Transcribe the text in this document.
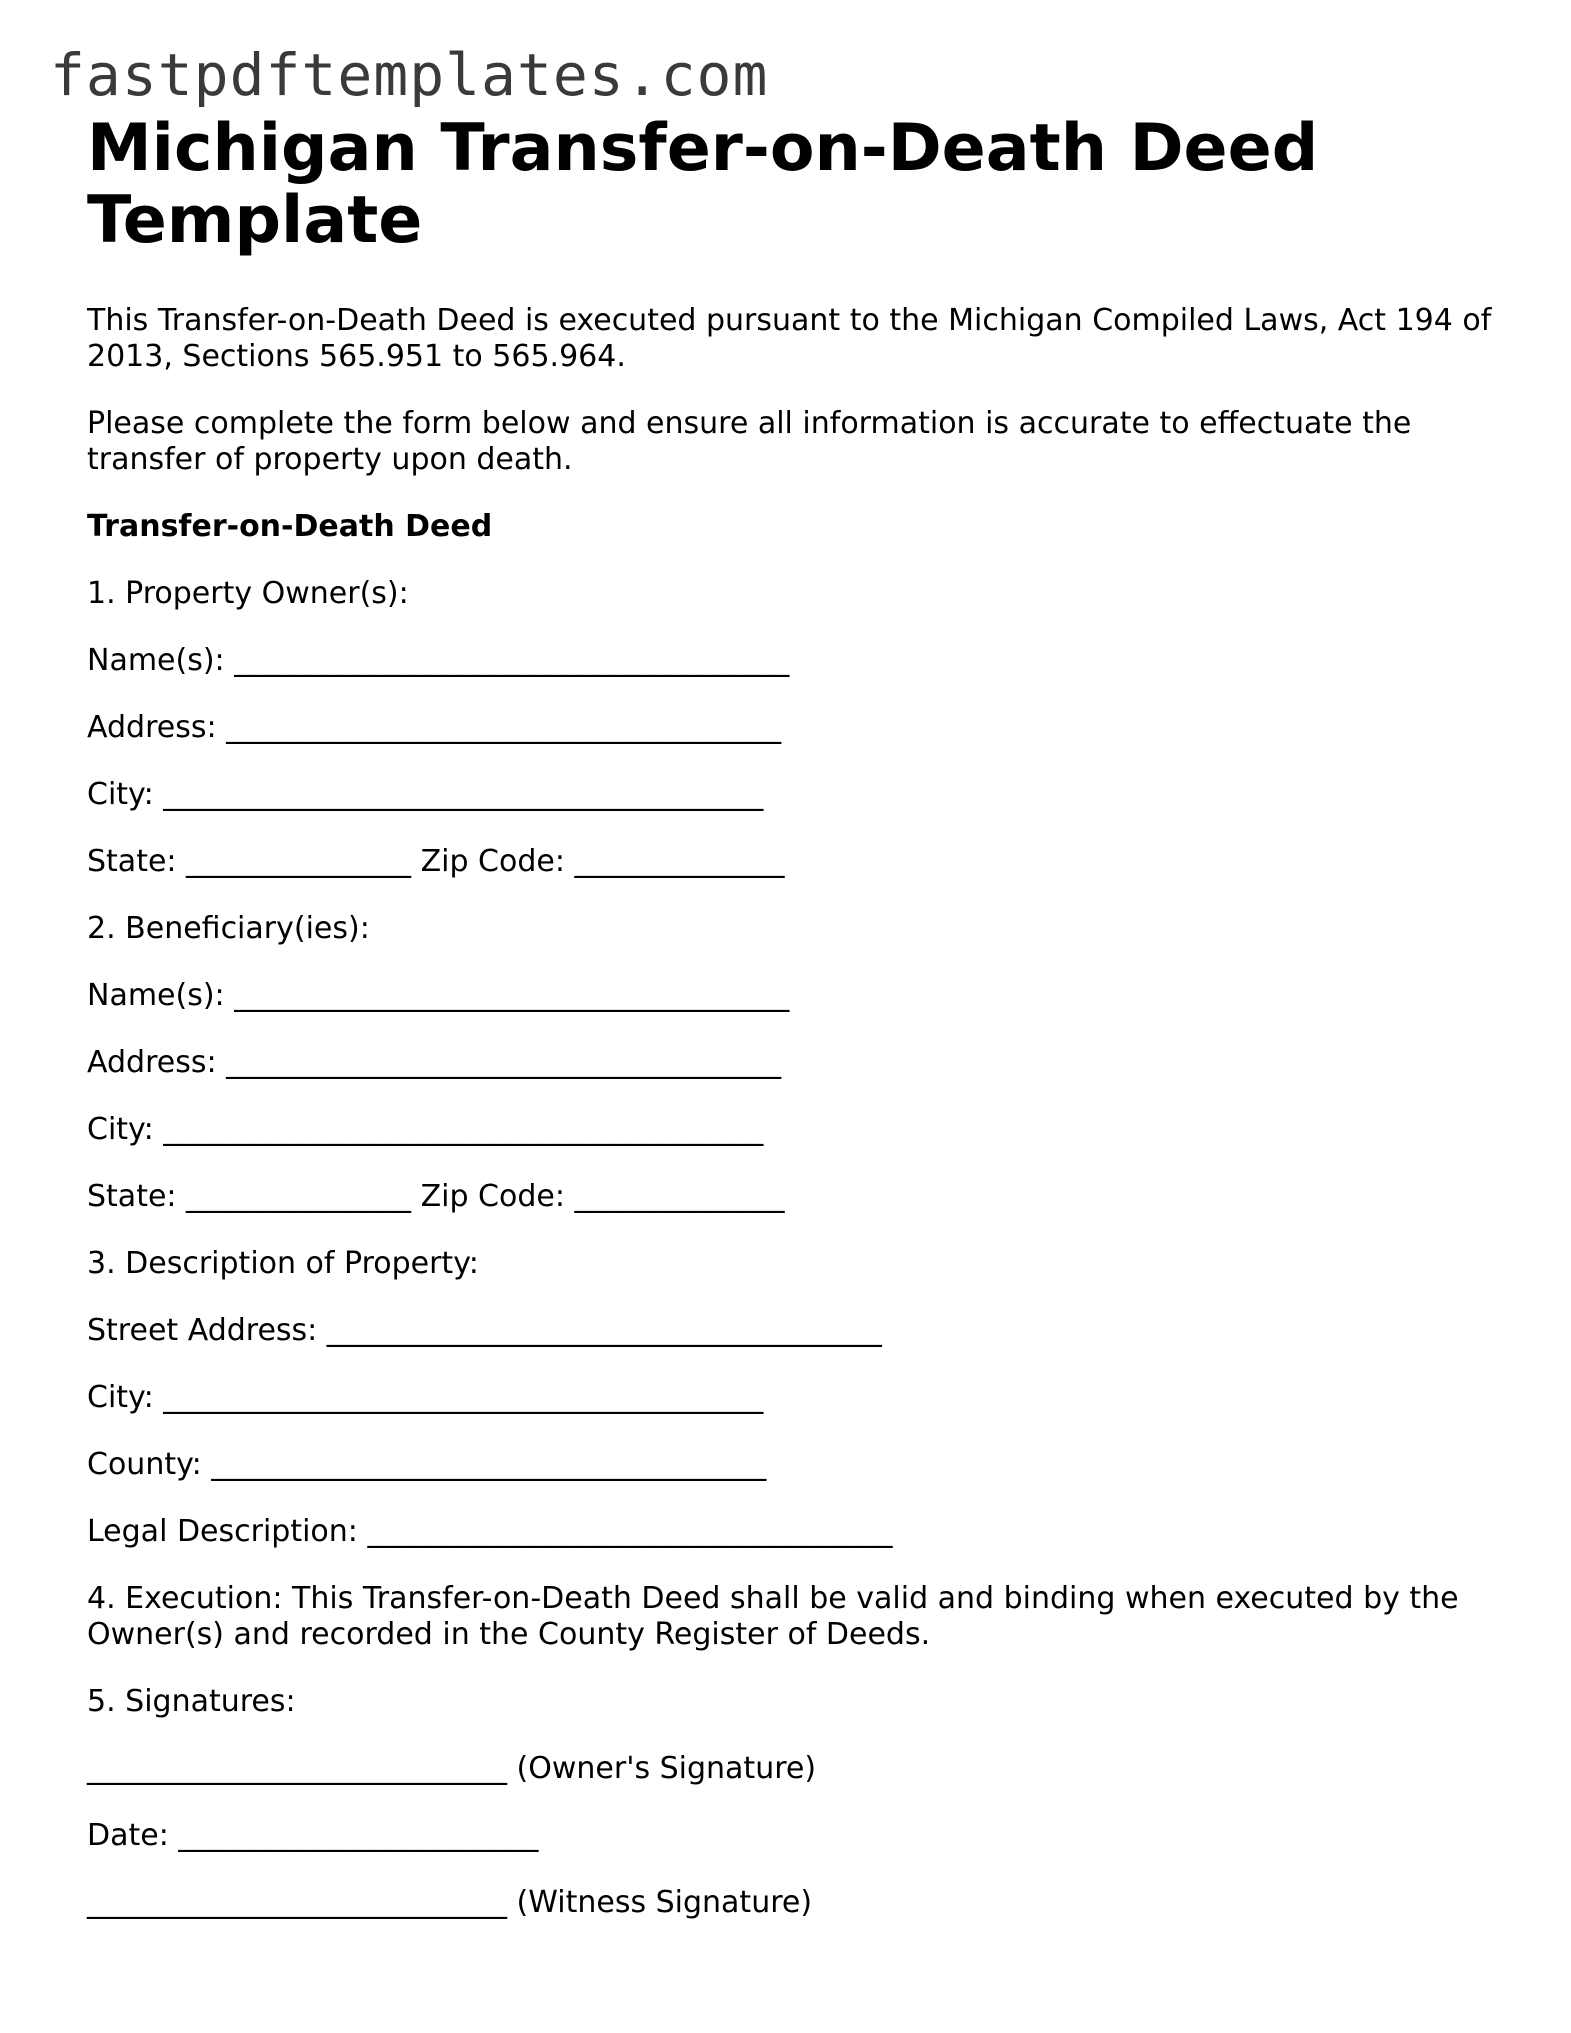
fastpdftemplates.com
Michigan Transfer-on-Death Deed Template

This Transfer-on-Death Deed is executed pursuant to the Michigan Compiled Laws, Act 194 of 2013, Sections 565.951 to 565.964.

Please complete the form below and ensure all information is accurate to effectuate the transfer of property upon death.

Transfer-on-Death Deed

1. Property Owner(s):

Name(s): _____________________________________

Address: _____________________________________

City: ________________________________________

State: _______________ Zip Code: ______________

2. Beneficiary(ies):

Name(s): _____________________________________

Address: _____________________________________

City: ________________________________________

State: _______________ Zip Code: ______________

3. Description of Property:

Street Address: _____________________________________

City: ________________________________________

County: _____________________________________

Legal Description: ___________________________________

4. Execution: This Transfer-on-Death Deed shall be valid and binding when executed by the Owner(s) and recorded in the County Register of Deeds.

5. Signatures:

____________________________ (Owner's Signature)

Date: ________________________

____________________________ (Witness Signature)
